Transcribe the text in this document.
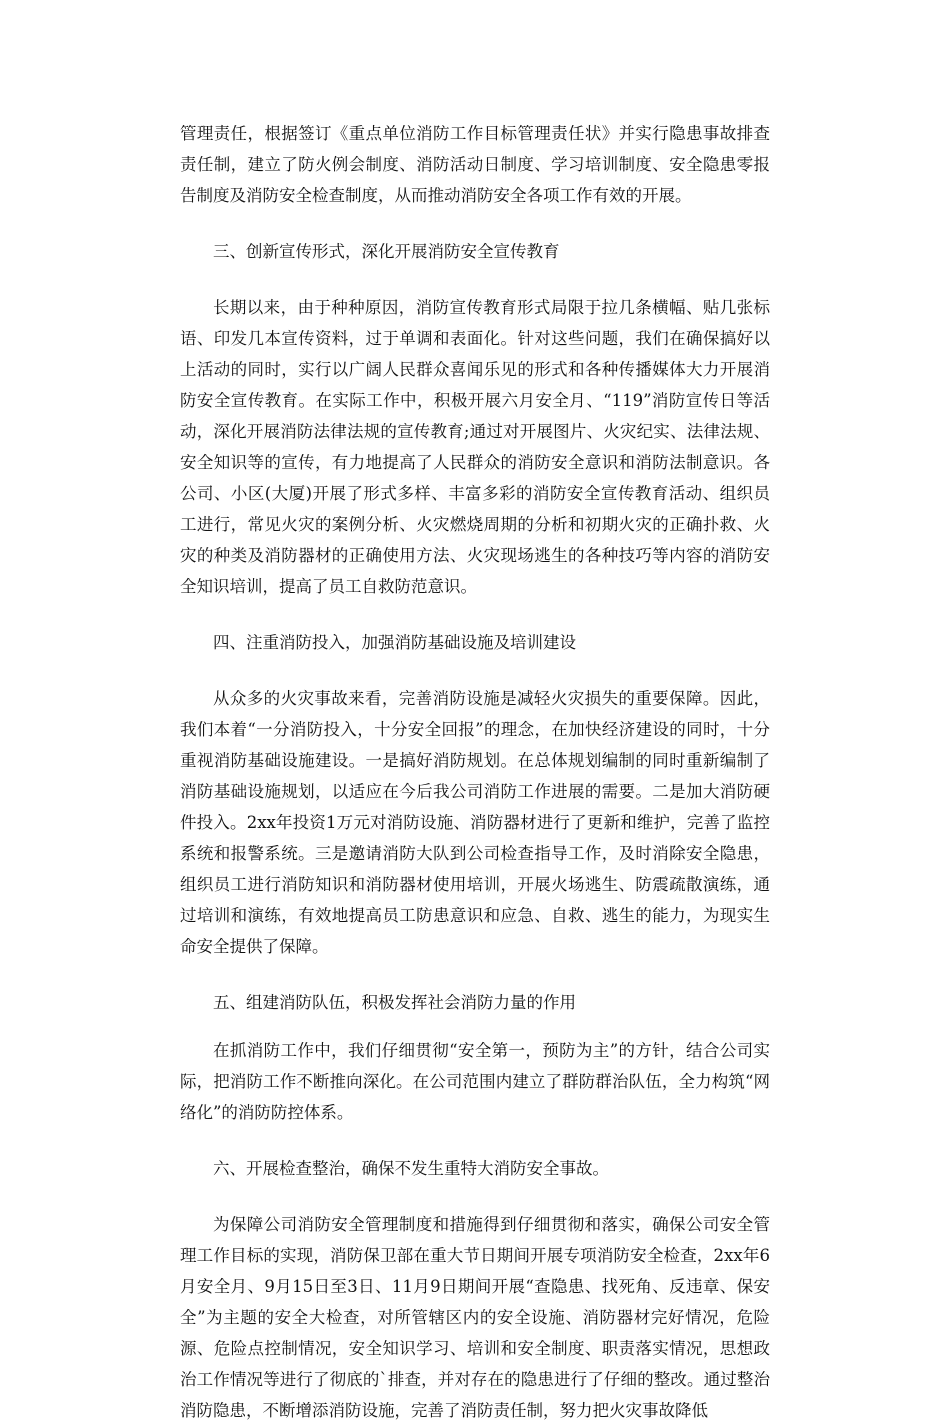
管理责任，根据签订《重点单位消防工作目标管理责任状》并实行隐患事故排查责任制，建立了防火例会制度、消防活动日制度、学习培训制度、安全隐患零报告制度及消防安全检查制度，从而推动消防安全各项工作有效的开展。

三、创新宣传形式，深化开展消防安全宣传教育

长期以来，由于种种原因，消防宣传教育形式局限于拉几条横幅、贴几张标语、印发几本宣传资料，过于单调和表面化。针对这些问题，我们在确保搞好以上活动的同时，实行以广阔人民群众喜闻乐见的形式和各种传播媒体大力开展消防安全宣传教育。在实际工作中，积极开展六月安全月、“119”消防宣传日等活动，深化开展消防法律法规的宣传教育;通过对开展图片、火灾纪实、法律法规、安全知识等的宣传，有力地提高了人民群众的消防安全意识和消防法制意识。各公司、小区(大厦)开展了形式多样、丰富多彩的消防安全宣传教育活动、组织员工进行，常见火灾的案例分析、火灾燃烧周期的分析和初期火灾的正确扑救、火灾的种类及消防器材的正确使用方法、火灾现场逃生的各种技巧等内容的消防安全知识培训，提高了员工自救防范意识。

四、注重消防投入，加强消防基础设施及培训建设

从众多的火灾事故来看，完善消防设施是减轻火灾损失的重要保障。因此，我们本着“一分消防投入，十分安全回报”的理念，在加快经济建设的同时，十分重视消防基础设施建设。一是搞好消防规划。在总体规划编制的同时重新编制了消防基础设施规划，以适应在今后我公司消防工作进展的需要。二是加大消防硬件投入。2xx年投资1万元对消防设施、消防器材进行了更新和维护，完善了监控系统和报警系统。三是邀请消防大队到公司检查指导工作，及时消除安全隐患，组织员工进行消防知识和消防器材使用培训，开展火场逃生、防震疏散演练，通过培训和演练，有效地提高员工防患意识和应急、自救、逃生的能力，为现实生命安全提供了保障。

五、组建消防队伍，积极发挥社会消防力量的作用

在抓消防工作中，我们仔细贯彻“安全第一，预防为主”的方针，结合公司实际，把消防工作不断推向深化。在公司范围内建立了群防群治队伍，全力构筑“网络化”的消防防控体系。

六、开展检查整治，确保不发生重特大消防安全事故。

为保障公司消防安全管理制度和措施得到仔细贯彻和落实，确保公司安全管理工作目标的实现，消防保卫部在重大节日期间开展专项消防安全检查，2xx年6月安全月、9月15日至3日、11月9日期间开展“查隐患、找死角、反违章、保安全”为主题的安全大检查，对所管辖区内的安全设施、消防器材完好情况，危险源、危险点控制情况，安全知识学习、培训和安全制度、职责落实情况，思想政治工作情况等进行了彻底的`排查，并对存在的隐患进行了仔细的整改。通过整治消防隐患，不断增添消防设施，完善了消防责任制，努力把火灾事故降低
